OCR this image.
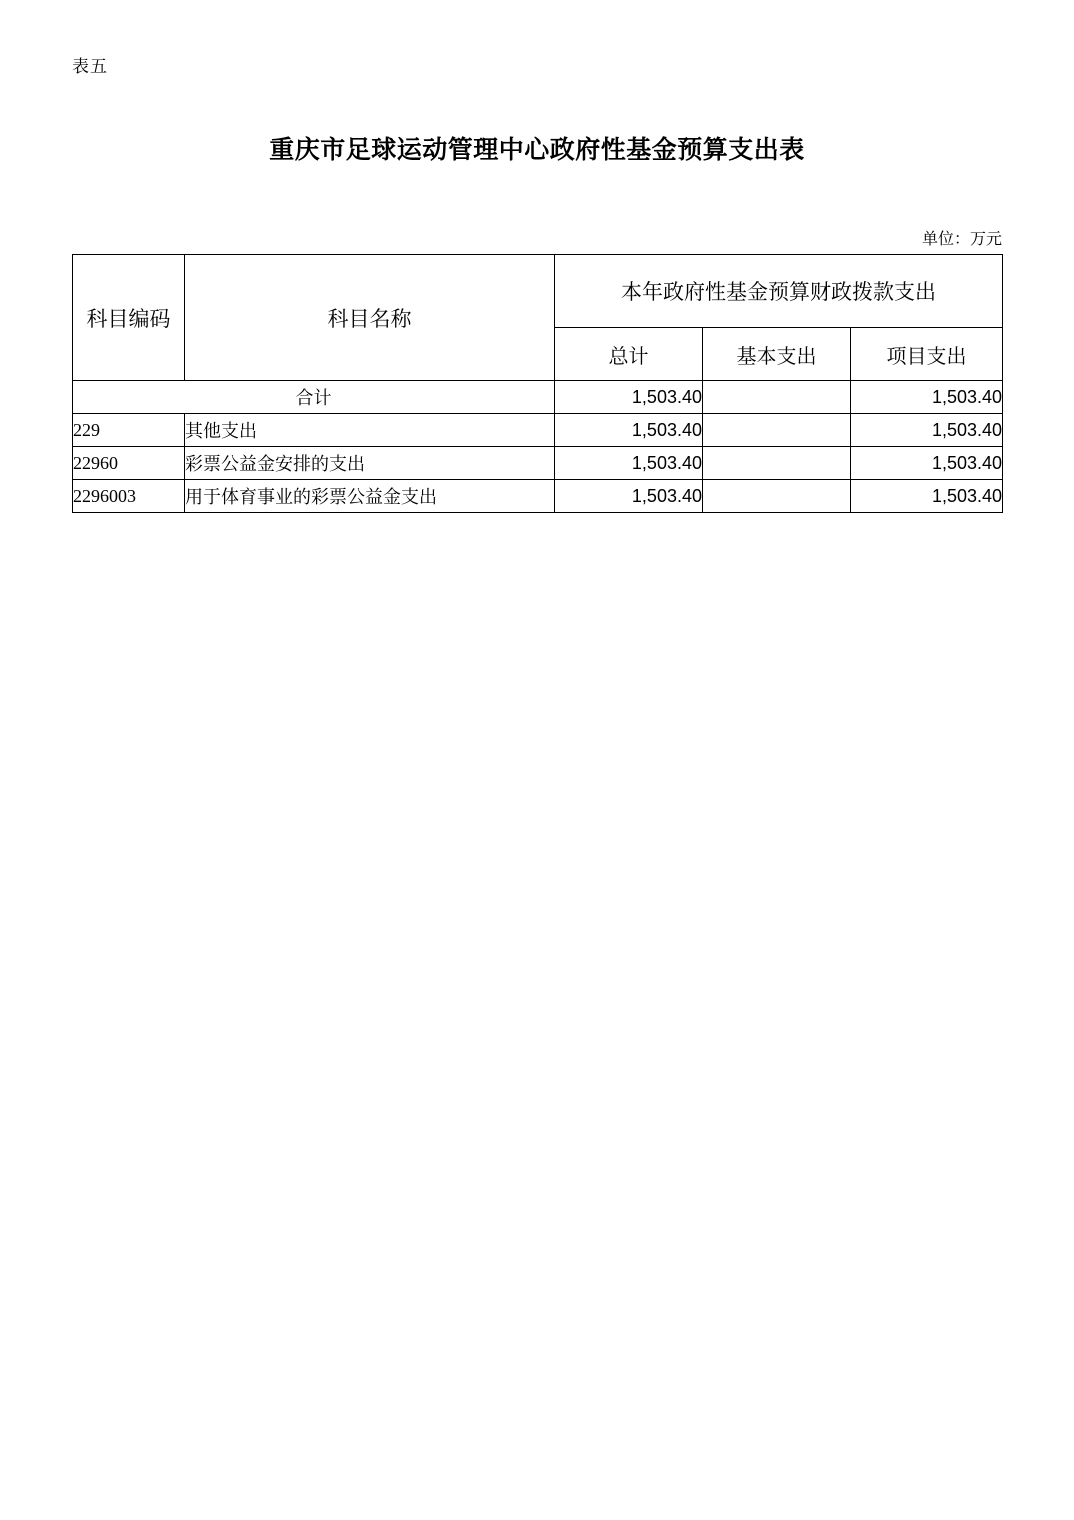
表五
重庆市足球运动管理中心政府性基金预算支出表
单位：万元
科目编码	科目名称	本年政府性基金预算财政拨款支出		
		总计	基本支出	项目支出
合计		1,503.40		1,503.40
229	其他支出	1,503.40		1,503.40
22960	彩票公益金安排的支出	1,503.40		1,503.40
2296003	用于体育事业的彩票公益金支出	1,503.40		1,503.40
